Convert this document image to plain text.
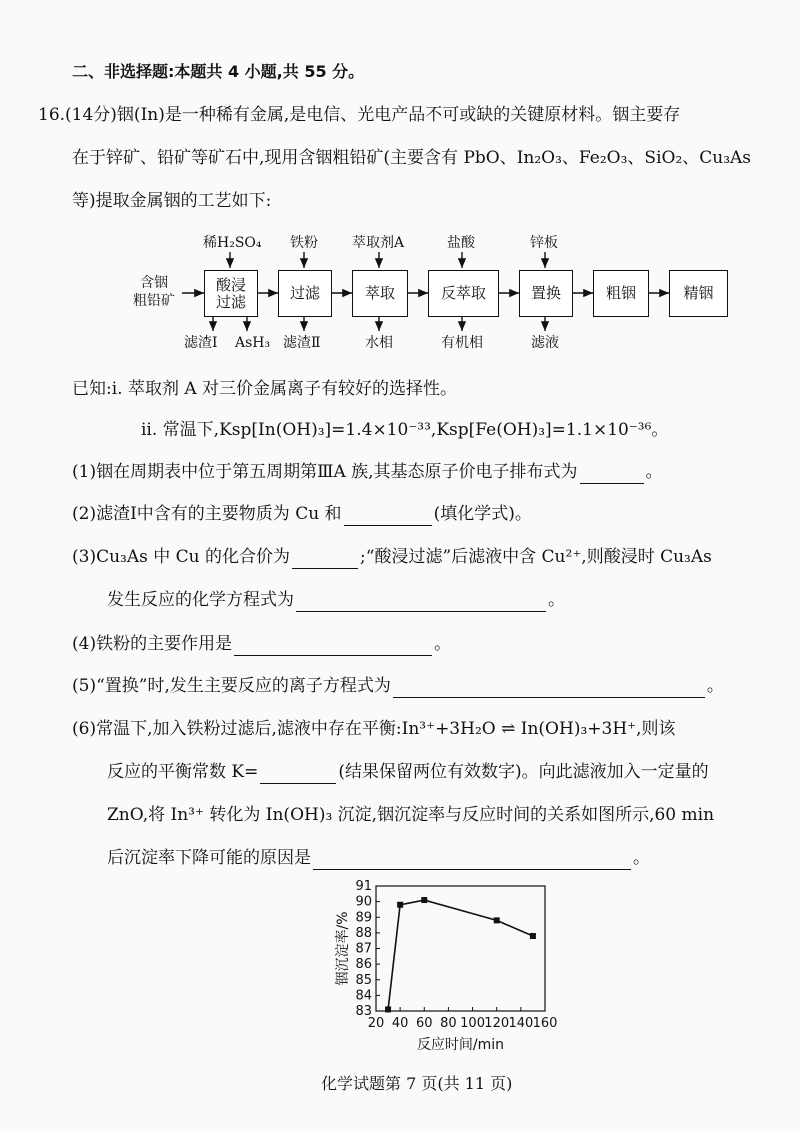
二、非选择题:本题共 4 小题,共 55 分。
16.(14分)铟(In)是一种稀有金属,是电信、光电产品不可或缺的关键原材料。铟主要存
在于锌矿、铅矿等矿石中,现用含铟粗铅矿(主要含有 PbO、In₂O₃、Fe₂O₃、SiO₂、Cu₃As
等)提取金属铟的工艺如下:
含铟
粗铅矿
酸浸
过滤	过滤	萃取	反萃取	置换	粗铟	精铟
稀H₂SO₄ 铁粉 萃取剂A	盐酸	锌板
滤渣Ⅰ AsH₃ 滤渣Ⅱ	水相	有机相	滤液
已知:i. 萃取剂 A 对三价金属离子有较好的选择性。
ii. 常温下,Ksp[In(OH)₃]=1.4×10⁻³³,Ksp[Fe(OH)₃]=1.1×10⁻³⁶。
(1)铟在周期表中位于第五周期第ⅢA 族,其基态原子价电子排布式为	。
(2)滤渣Ⅰ中含有的主要物质为 Cu 和	(填化学式)。
(3)Cu₃As 中 Cu 的化合价为	;“酸浸过滤”后滤液中含 Cu²⁺,则酸浸时 Cu₃As
发生反应的化学方程式为	。
(4)铁粉的主要作用是	。
(5)“置换”时,发生主要反应的离子方程式为	。
(6)常温下,加入铁粉过滤后,滤液中存在平衡:In³⁺+3H₂O ⇌ In(OH)₃+3H⁺,则该
反应的平衡常数 K=	(结果保留两位有效数字)。向此滤液加入一定量的
ZnO,将 In³⁺ 转化为 In(OH)₃ 沉淀,铟沉淀率与反应时间的关系如图所示,60 min
后沉淀率下降可能的原因是	。
83
84
85
86
87
88
89
90
91
20 40 60 80 100 120 140 160
反应时间/min
铟沉淀率/%
化学试题第 7 页(共 11 页)
